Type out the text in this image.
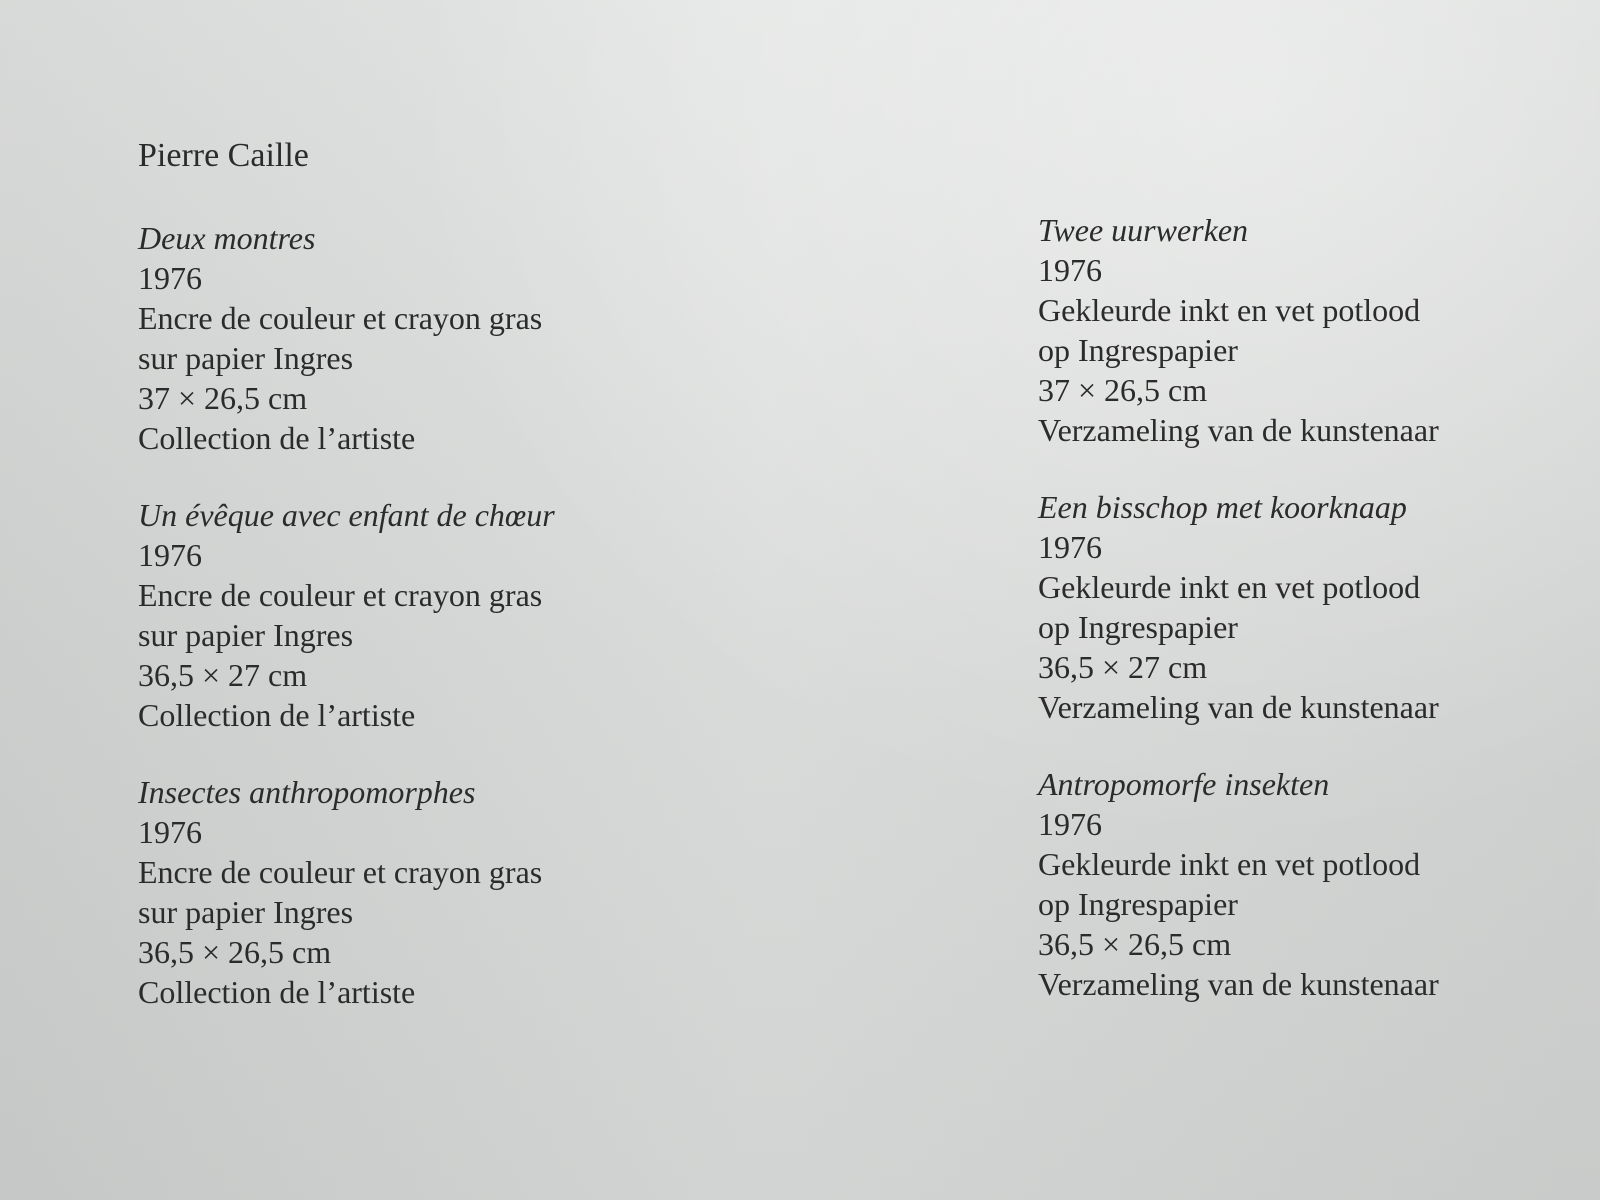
Pierre Caille
Deux montres
1976
Encre de couleur et crayon gras
sur papier Ingres
37 × 26,5 cm
Collection de l’artiste
Un évêque avec enfant de chœur
1976
Encre de couleur et crayon gras
sur papier Ingres
36,5 × 27 cm
Collection de l’artiste
Insectes anthropomorphes
1976
Encre de couleur et crayon gras
sur papier Ingres
36,5 × 26,5 cm
Collection de l’artiste
Twee uurwerken
1976
Gekleurde inkt en vet potlood
op Ingrespapier
37 × 26,5 cm
Verzameling van de kunstenaar
Een bisschop met koorknaap
1976
Gekleurde inkt en vet potlood
op Ingrespapier
36,5 × 27 cm
Verzameling van de kunstenaar
Antropomorfe insekten
1976
Gekleurde inkt en vet potlood
op Ingrespapier
36,5 × 26,5 cm
Verzameling van de kunstenaar
